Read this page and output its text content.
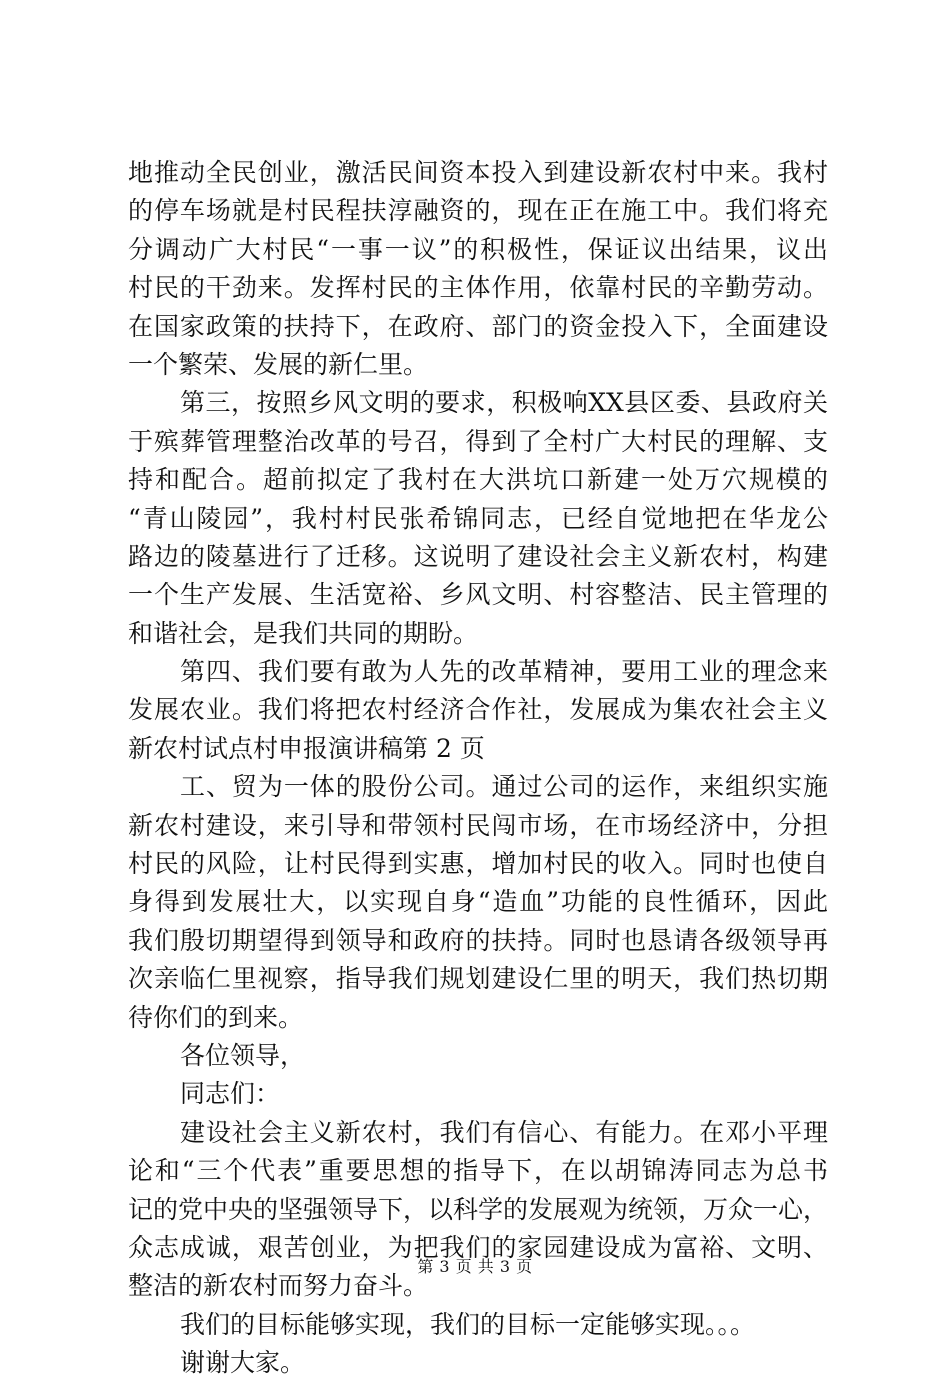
地推动全民创业，激活民间资本投入到建设新农村中来。我村
的停车场就是村民程扶淳融资的，现在正在施工中。我们将充
分调动广大村民“一事一议”的积极性，保证议出结果，议出
村民的干劲来。发挥村民的主体作用，依靠村民的辛勤劳动。
在国家政策的扶持下，在政府、部门的资金投入下，全面建设
一个繁荣、发展的新仁里。
第三，按照乡风文明的要求，积极响XX县区委、县政府关
于殡葬管理整治改革的号召，得到了全村广大村民的理解、支
持和配合。超前拟定了我村在大洪坑口新建一处万穴规模的
“青山陵园”，我村村民张希锦同志，已经自觉地把在华龙公
路边的陵墓进行了迁移。这说明了建设社会主义新农村，构建
一个生产发展、生活宽裕、乡风文明、村容整洁、民主管理的
和谐社会，是我们共同的期盼。
第四、我们要有敢为人先的改革精神，要用工业的理念来
发展农业。我们将把农村经济合作社，发展成为集农社会主义
新农村试点村申报演讲稿第 2 页
工、贸为一体的股份公司。通过公司的运作，来组织实施
新农村建设，来引导和带领村民闯市场，在市场经济中，分担
村民的风险，让村民得到实惠，增加村民的收入。同时也使自
身得到发展壮大，以实现自身“造血”功能的良性循环，因此
我们殷切期望得到领导和政府的扶持。同时也恳请各级领导再
次亲临仁里视察，指导我们规划建设仁里的明天，我们热切期
待你们的到来。
各位领导，
同志们：
建设社会主义新农村，我们有信心、有能力。在邓小平理
论和“三个代表”重要思想的指导下，在以胡锦涛同志为总书
记的党中央的坚强领导下，以科学的发展观为统领，万众一心，
众志成诚，艰苦创业，为把我们的家园建设成为富裕、文明、
整洁的新农村而努力奋斗。
我们的目标能够实现，我们的目标一定能够实现。。。
谢谢大家。
第 3 页 共 3 页
